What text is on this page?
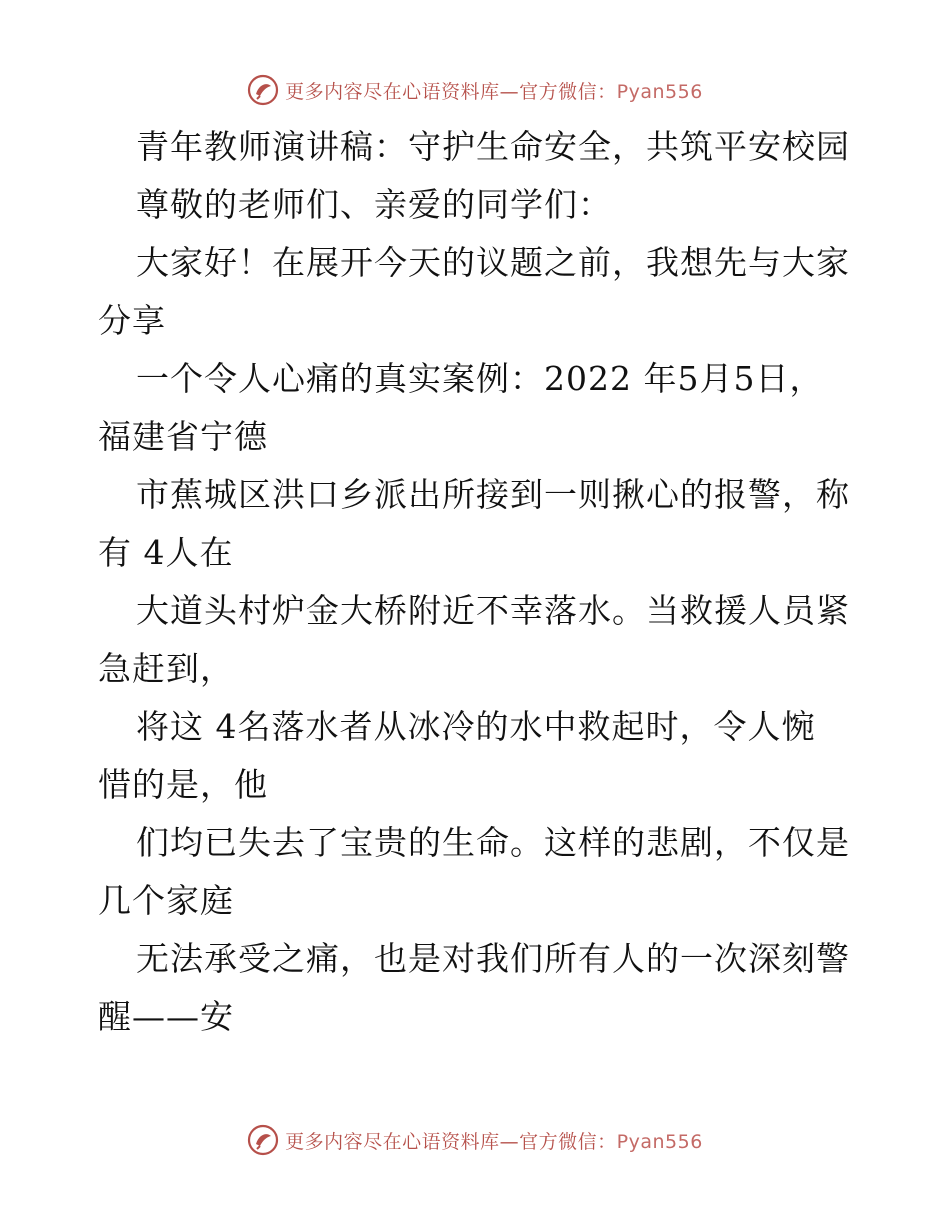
更多内容尽在心语资料库—官方微信：Pyan556
青年教师演讲稿：守护生命安全，共筑平安校园
尊敬的老师们、亲爱的同学们：
大家好！在展开今天的议题之前，我想先与大家
分享
一个令人心痛的真实案例：2022 年5月5日，
福建省宁德
市蕉城区洪口乡派出所接到一则揪心的报警，称
有 4人在
大道头村炉金大桥附近不幸落水。当救援人员紧
急赶到，
将这 4名落水者从冰冷的水中救起时，令人惋
惜的是，他
们均已失去了宝贵的生命。这样的悲剧，不仅是
几个家庭
无法承受之痛，也是对我们所有人的一次深刻警
醒——安
更多内容尽在心语资料库—官方微信：Pyan556
